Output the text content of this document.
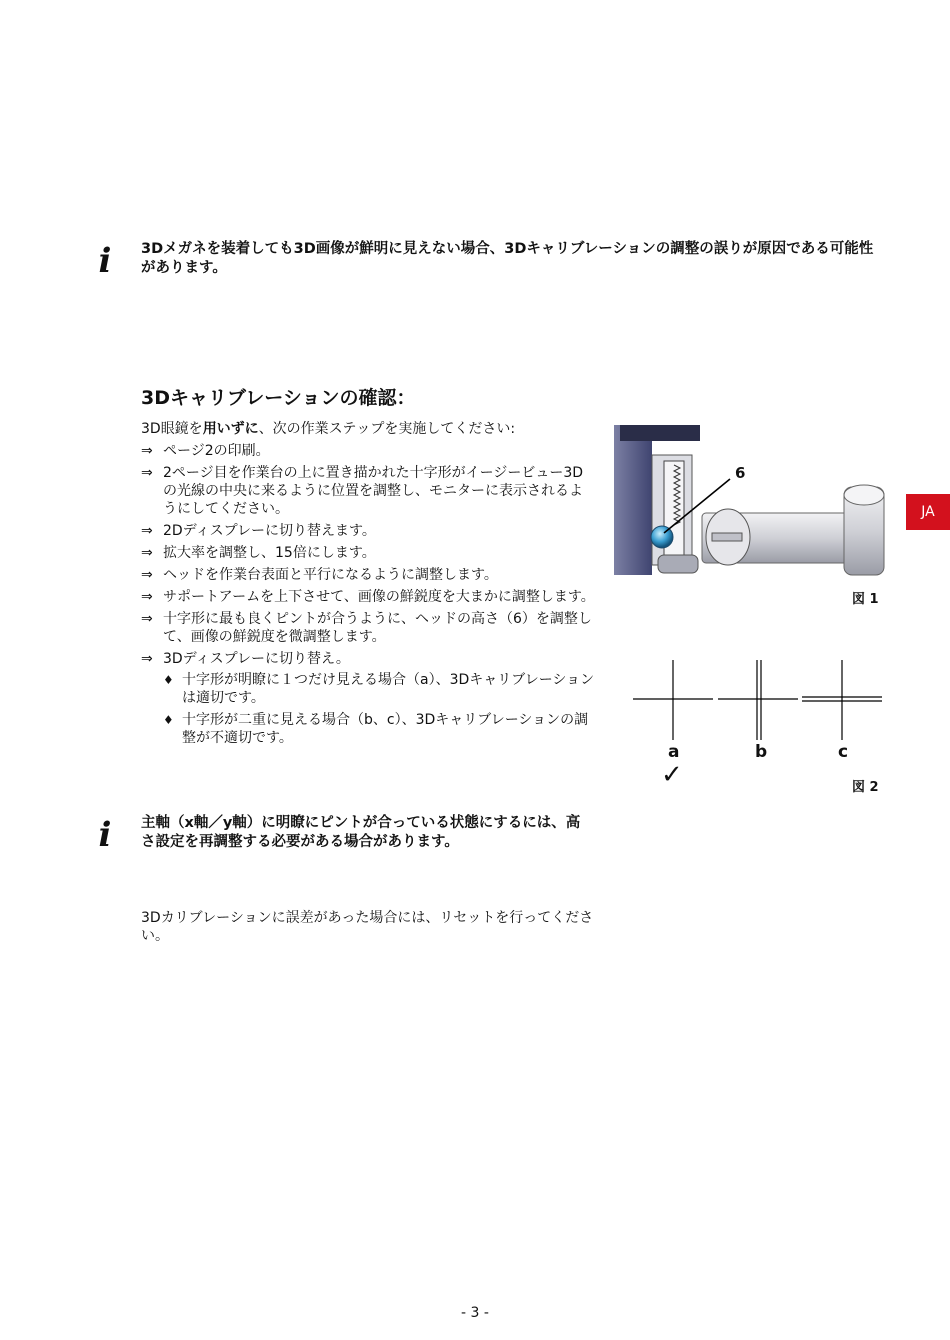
i	3Dメガネを装着しても3D画像が鮮明に見えない場合、3Dキャリブレーションの調整の誤りが原因である可能性があります。
3Dキャリブレーションの確認：
3D眼鏡を用いずに、次の作業ステップを実施してください:
⇒ ページ2の印刷。
⇒ 2ページ目を作業台の上に置き描かれた十字形がイージービュー3Dの光線の中央に来るように位置を調整し、モニターに表示されるようにしてください。
⇒ 2Dディスプレーに切り替えます。
⇒ 拡大率を調整し、15倍にします。
⇒ ヘッドを作業台表面と平行になるように調整します。
⇒ サポートアームを上下させて、画像の鮮鋭度を大まかに調整します。
⇒ 十字形に最も良くピントが合うように、ヘッドの高さ（6）を調整して、画像の鮮鋭度を微調整します。
⇒ 3Dディスプレーに切り替え。
♦ 十字形が明瞭に１つだけ見える場合（a）、3Dキャリブレーションは適切です。
♦ 十字形が二重に見える場合（b、c）、3Dキャリブレーションの調整が不適切です。
i	主軸（x軸／y軸）に明瞭にピントが合っている状態にするには、高さ設定を再調整する必要がある場合があります。
3Dカリブレーションに誤差があった場合には、リセットを行ってください。
JA
6
図 1
a	b	c
✓	図 2
- 3 -
